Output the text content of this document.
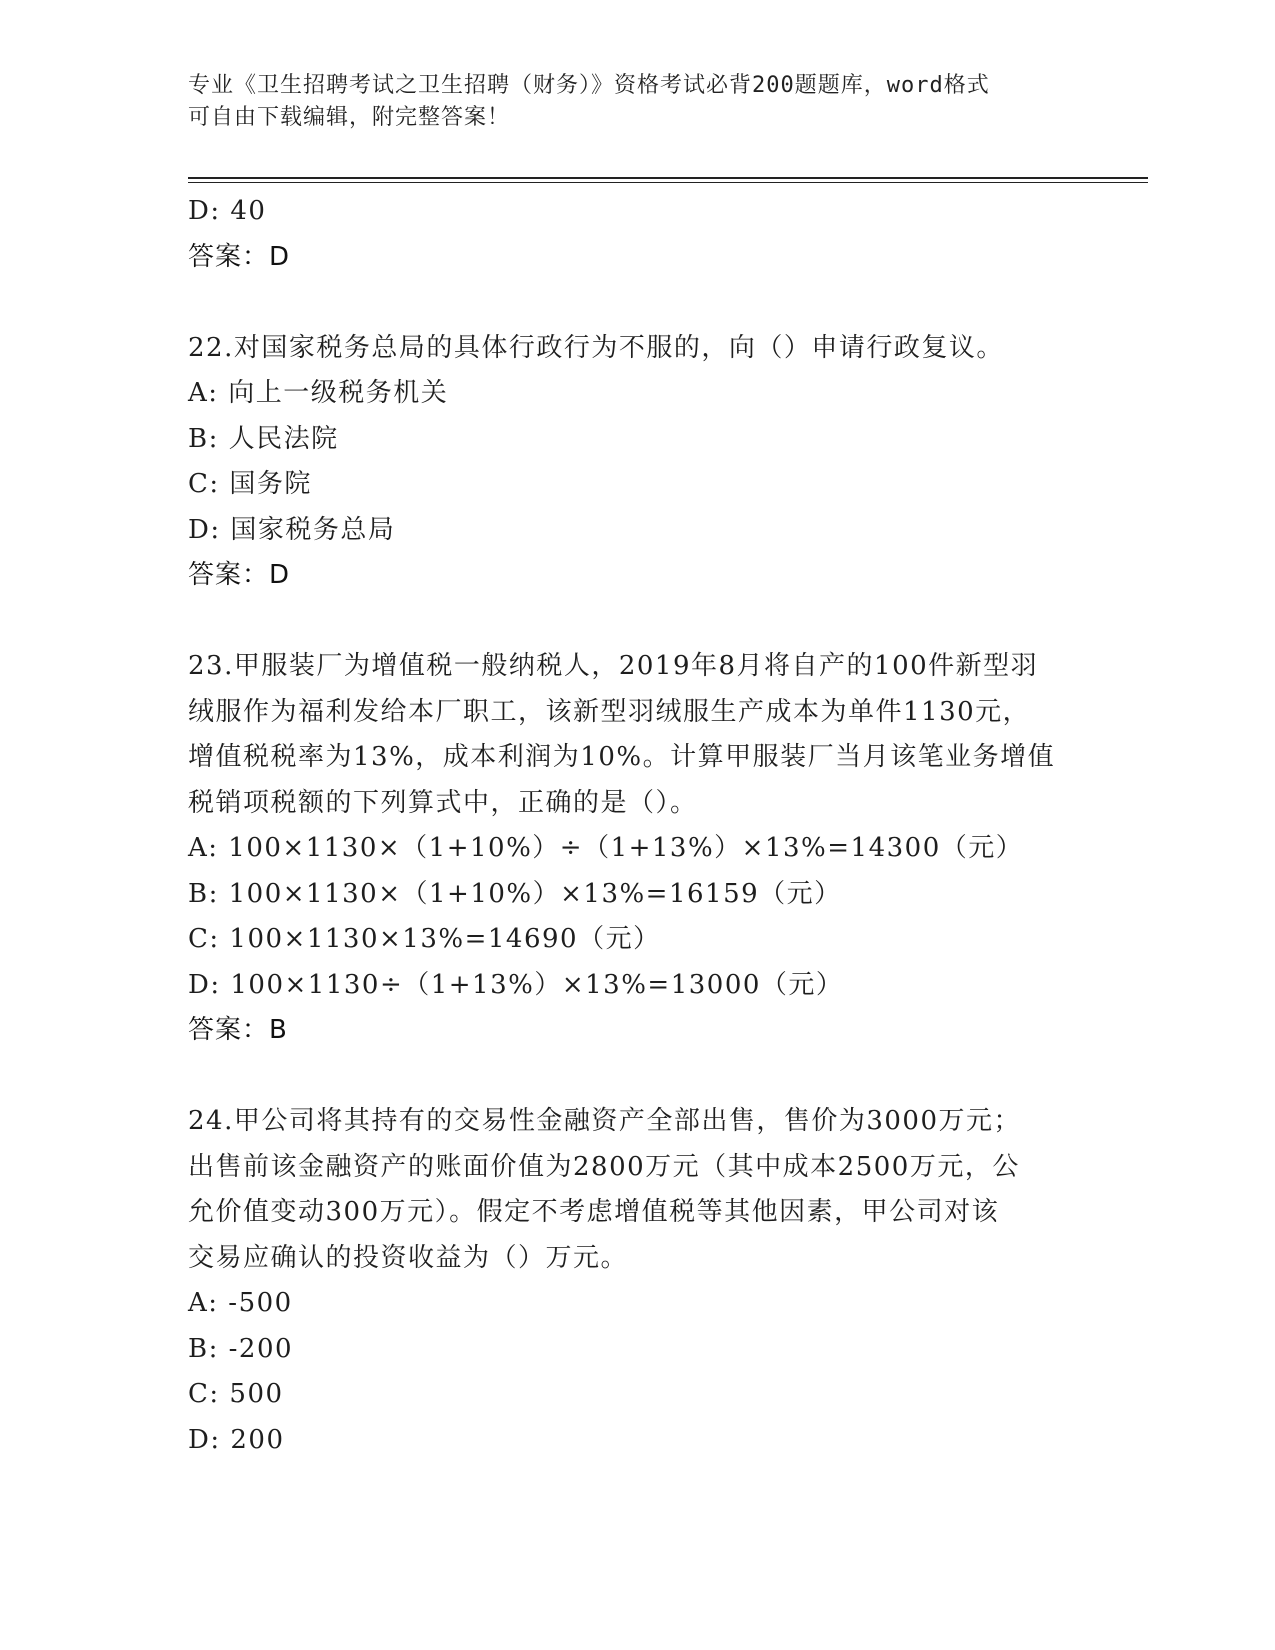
专业《卫生招聘考试之卫生招聘（财务）》资格考试必背200题题库，word格式
可自由下载编辑，附完整答案！
D: 40
答案：D
22.对国家税务总局的具体行政行为不服的，向（）申请行政复议。
A: 向上一级税务机关
B: 人民法院
C: 国务院
D: 国家税务总局
答案：D
23.甲服装厂为增值税一般纳税人，2019年8月将自产的100件新型羽
绒服作为福利发给本厂职工，该新型羽绒服生产成本为单件1130元，
增值税税率为13%，成本利润为10%。计算甲服装厂当月该笔业务增值
税销项税额的下列算式中，正确的是（）。
A: 100×1130×（1+10%）÷（1+13%）×13%=14300（元）
B: 100×1130×（1+10%）×13%=16159（元）
C: 100×1130×13%=14690（元）
D: 100×1130÷（1+13%）×13%=13000（元）
答案：B
24.甲公司将其持有的交易性金融资产全部出售，售价为3000万元；
出售前该金融资产的账面价值为2800万元（其中成本2500万元，公
允价值变动300万元）。假定不考虑增值税等其他因素，甲公司对该
交易应确认的投资收益为（）万元。
A: -500
B: -200
C: 500
D: 200
